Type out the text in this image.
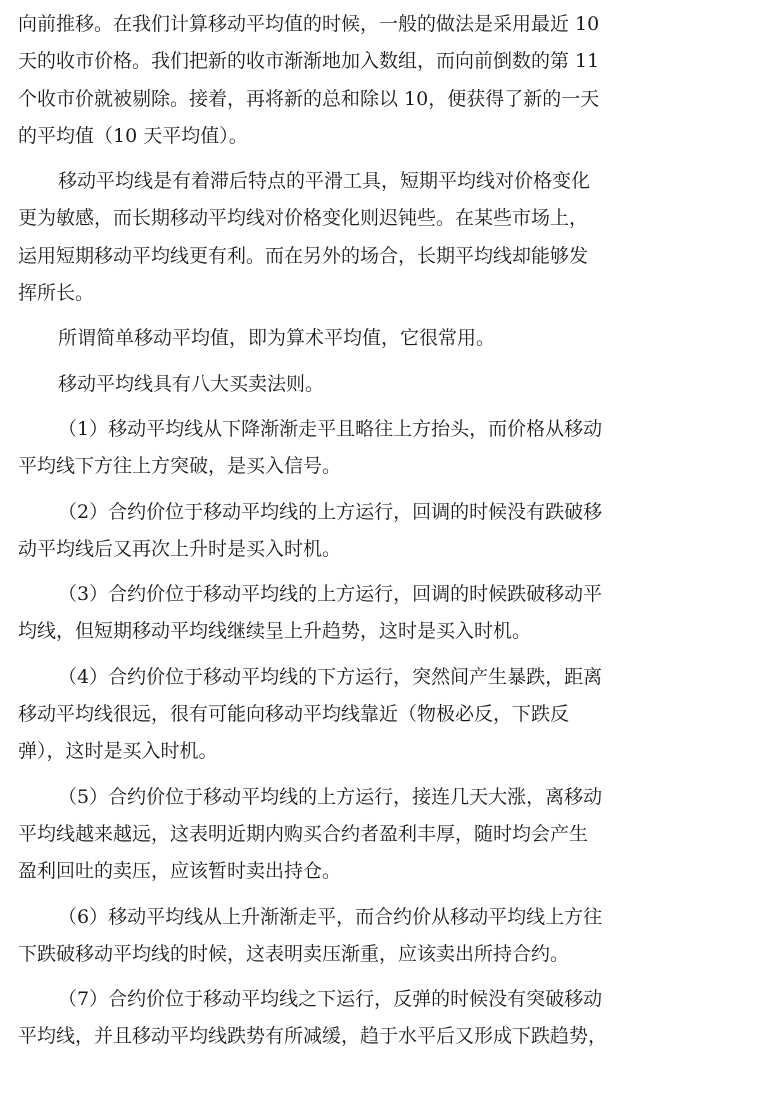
向前推移。在我们计算移动平均值的时候，一般的做法是采用最近 10
天的收市价格。我们把新的收市渐渐地加入数组，而向前倒数的第 11
个收市价就被剔除。接着，再将新的总和除以 10，便获得了新的一天
的平均值（10 天平均值）。
移动平均线是有着滞后特点的平滑工具，短期平均线对价格变化
更为敏感，而长期移动平均线对价格变化则迟钝些。在某些市场上，
运用短期移动平均线更有利。而在另外的场合，长期平均线却能够发
挥所长。
所谓简单移动平均值，即为算术平均值，它很常用。
移动平均线具有八大买卖法则。
（1）移动平均线从下降渐渐走平且略往上方抬头，而价格从移动
平均线下方往上方突破，是买入信号。
（2）合约价位于移动平均线的上方运行，回调的时候没有跌破移
动平均线后又再次上升时是买入时机。
（3）合约价位于移动平均线的上方运行，回调的时候跌破移动平
均线，但短期移动平均线继续呈上升趋势，这时是买入时机。
（4）合约价位于移动平均线的下方运行，突然间产生暴跌，距离
移动平均线很远，很有可能向移动平均线靠近（物极必反，下跌反
弹），这时是买入时机。
（5）合约价位于移动平均线的上方运行，接连几天大涨，离移动
平均线越来越远，这表明近期内购买合约者盈利丰厚，随时均会产生
盈利回吐的卖压，应该暂时卖出持仓。
（6）移动平均线从上升渐渐走平，而合约价从移动平均线上方往
下跌破移动平均线的时候，这表明卖压渐重，应该卖出所持合约。
（7）合约价位于移动平均线之下运行，反弹的时候没有突破移动
平均线，并且移动平均线跌势有所减缓，趋于水平后又形成下跌趋势，
